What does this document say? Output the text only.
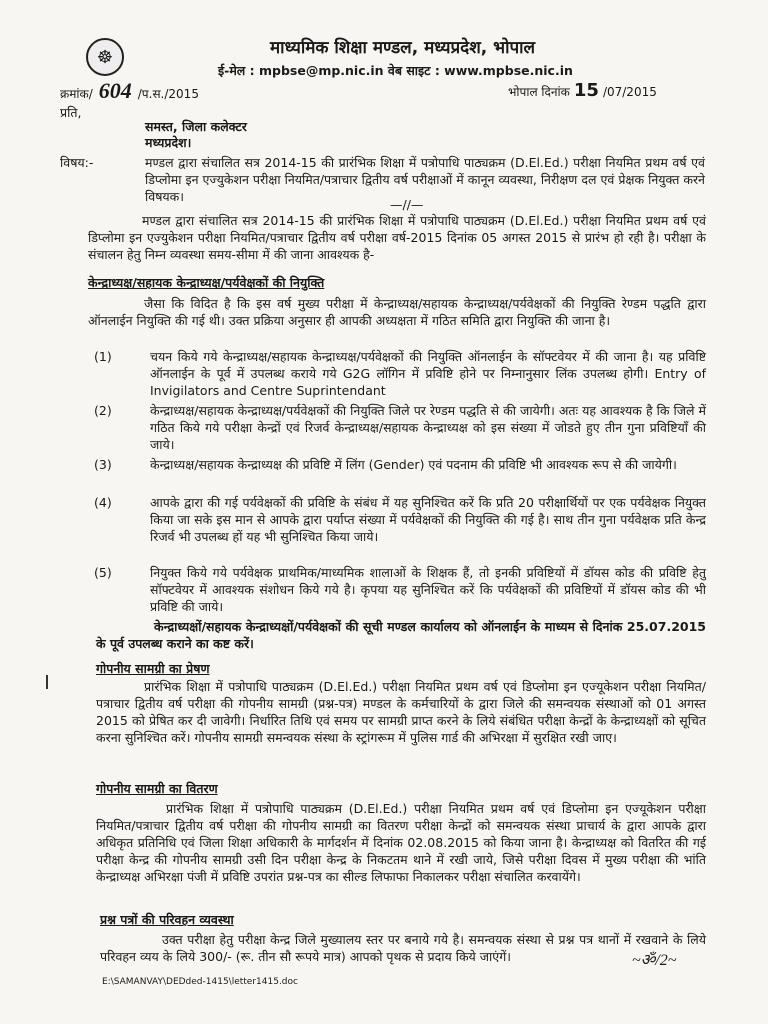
☸	माध्यमिक शिक्षा मण्डल, मध्यप्रदेश, भोपाल
ई-मेल : mpbse@mp.nic.in वेब साइट : www.mpbse.nic.in
क्रमांक/ 604 /प.स./2015	भोपाल दिनांक 15 /07/2015
प्रति,
समस्त, जिला कलेक्टर
मध्यप्रदेश।
विषय:-	मण्डल द्वारा संचालित सत्र 2014-15 की प्रारंभिक शिक्षा में पत्रोपाधि पाठ्यक्रम (D.El.Ed.) परीक्षा नियमित प्रथम वर्ष एवं डिप्लोमा इन एज्युकेशन परीक्षा नियमित/पत्राचार द्वितीय वर्ष परीक्षाओं में कानून व्यवस्था, निरीक्षण दल एवं प्रेक्षक नियुक्त करने विषयक।
—//—
मण्डल द्वारा संचालित सत्र 2014-15 की प्रारंभिक शिक्षा में पत्रोपाधि पाठ्यक्रम (D.El.Ed.) परीक्षा नियमित प्रथम वर्ष एवं डिप्लोमा इन एज्युकेशन परीक्षा नियमित/पत्राचार द्वितीय वर्ष परीक्षा वर्ष-2015 दिनांक 05 अगस्त 2015 से प्रारंभ हो रही है। परीक्षा के संचालन हेतु निम्न व्यवस्था समय-सीमा में की जाना आवश्यक है-
केन्द्राध्यक्ष/सहायक केन्द्राध्यक्ष/पर्यवेक्षकों की नियुक्ति
जैसा कि विदित है कि इस वर्ष मुख्य परीक्षा में केन्द्राध्यक्ष/सहायक केन्द्राध्यक्ष/पर्यवेक्षकों की नियुक्ति रेण्डम पद्धति द्वारा ऑनलाईन नियुक्ति की गई थी। उक्त प्रक्रिया अनुसार ही आपकी अध्यक्षता में गठित समिति द्वारा नियुक्ति की जाना है।
(1)	चयन किये गये केन्द्राध्यक्ष/सहायक केन्द्राध्यक्ष/पर्यवेक्षकों की नियुक्ति ऑनलाईन के सॉफ्टवेयर में की जाना है। यह प्रविष्टि ऑनलाईन के पूर्व में उपलब्ध कराये गये G2G लॉगिन में प्रविष्टि होने पर निम्नानुसार लिंक उपलब्ध होगी। Entry of Invigilators and Centre Suprintendant
(2)	केन्द्राध्यक्ष/सहायक केन्द्राध्यक्ष/पर्यवेक्षकों की नियुक्ति जिले पर रेण्डम पद्धति से की जायेगी। अतः यह आवश्यक है कि जिले में गठित किये गये परीक्षा केन्द्रों एवं रिजर्व केन्द्राध्यक्ष/सहायक केन्द्राध्यक्ष को इस संख्या में जोडते हुए तीन गुना प्रविष्टियाँ की जाये।
(3)	केन्द्राध्यक्ष/सहायक केन्द्राध्यक्ष की प्रविष्टि में लिंग (Gender) एवं पदनाम की प्रविष्टि भी आवश्यक रूप से की जायेगी।
(4)	आपके द्वारा की गई पर्यवेक्षकों की प्रविष्टि के संबंध में यह सुनिश्चित करें कि प्रति 20 परीक्षार्थियों पर एक पर्यवेक्षक नियुक्त किया जा सके इस मान से आपके द्वारा पर्याप्त संख्या में पर्यवेक्षकों की नियुक्ति की गई है। साथ तीन गुना पर्यवेक्षक प्रति केन्द्र रिजर्व भी उपलब्ध हों यह भी सुनिश्चित किया जाये।
(5)	नियुक्त किये गये पर्यवेक्षक प्राथमिक/माध्यमिक शालाओं के शिक्षक हैं, तो इनकी प्रविष्टियों में डॉयस कोड की प्रविष्टि हेतु सॉफ्टवेयर में आवश्यक संशोधन किये गये है। कृपया यह सुनिश्चित करें कि पर्यवेक्षकों की प्रविष्टियों में डॉयस कोड की भी प्रविष्टि की जाये।
केन्द्राध्यक्षों/सहायक केन्द्राध्यक्षों/पर्यवेक्षकों की सूची मण्डल कार्यालय को ऑनलाईन के माध्यम से दिनांक 25.07.2015 के पूर्व उपलब्ध कराने का कष्ट करें।
गोपनीय सामग्री का प्रेषण
प्रारंभिक शिक्षा में पत्रोपाधि पाठ्यक्रम (D.El.Ed.) परीक्षा नियमित प्रथम वर्ष एवं डिप्लोमा इन एज्यूकेशन परीक्षा नियमित/पत्राचार द्वितीय वर्ष परीक्षा की गोपनीय सामग्री (प्रश्न-पत्र) मण्डल के कर्मचारियों के द्वारा जिले की समन्वयक संस्थाओं को 01 अगस्त 2015 को प्रेषित कर दी जावेगी। निर्धारित तिथि एवं समय पर सामग्री प्राप्त करने के लिये संबंधित परीक्षा केन्द्रों के केन्द्राध्यक्षों को सूचित करना सुनिश्चित करें। गोपनीय सामग्री समन्वयक संस्था के स्ट्रांगरूम में पुलिस गार्ड की अभिरक्षा में सुरक्षित रखी जाए।
गोपनीय सामग्री का वितरण
प्रारंभिक शिक्षा में पत्रोपाधि पाठ्यक्रम (D.El.Ed.) परीक्षा नियमित प्रथम वर्ष एवं डिप्लोमा इन एज्यूकेशन परीक्षा नियमित/पत्राचार द्वितीय वर्ष परीक्षा की गोपनीय सामग्री का वितरण परीक्षा केन्द्रों को समन्वयक संस्था प्राचार्य के द्वारा आपके द्वारा अधिकृत प्रतिनिधि एवं जिला शिक्षा अधिकारी के मार्गदर्शन में दिनांक 02.08.2015 को किया जाना है। केन्द्राध्यक्ष को वितरित की गई परीक्षा केन्द्र की गोपनीय सामग्री उसी दिन परीक्षा केन्द्र के निकटतम थाने में रखी जाये, जिसे परीक्षा दिवस में मुख्य परीक्षा की भांति केन्द्राध्यक्ष अभिरक्षा पंजी में प्रविष्टि उपरांत प्रश्न-पत्र का सील्ड लिफाफा निकालकर परीक्षा संचालित करवायेंगे।
प्रश्न पत्रों की परिवहन व्यवस्था
उक्त परीक्षा हेतु परीक्षा केन्द्र जिले मुख्यालय स्तर पर बनाये गये है। समन्वयक संस्था से प्रश्न पत्र थानों में रखवाने के लिये परिवहन व्यय के लिये 300/- (रू. तीन सौ रूपये मात्र) आपको पृथक से प्रदाय किये जाएंगें।	~ॐ/2~
E:\SAMANVAY\DEDded-1415\letter1415.doc
